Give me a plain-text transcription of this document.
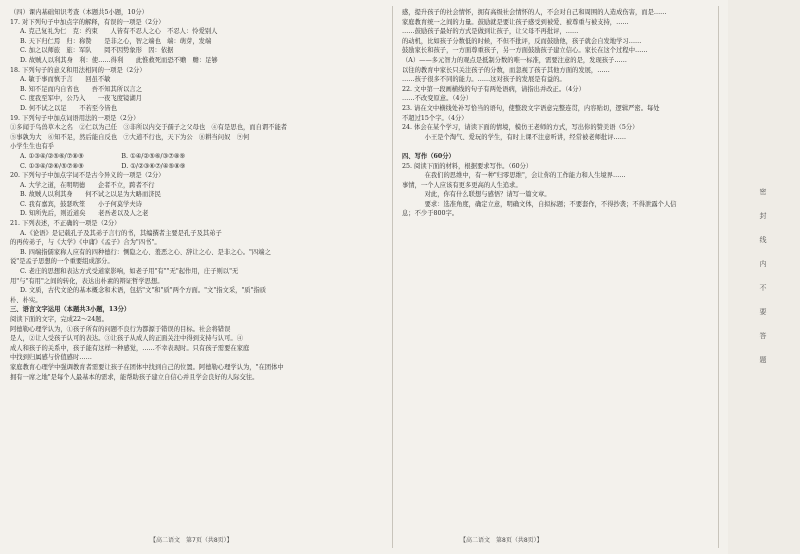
（四）课内基础知识考查（本题共5小题，10分）
17. 对下列句子中加点字的解释，有误的一项是（2分）
A. 克己复礼为仁　克：约束　　人皆有不忍人之心　不忍人：怜爱别人
B. 天下归仁焉　归：称赞　　是非之心，智之端也　端：萌芽，发端
C. 加之以师旅　旅：军队　　罔不因势象形　因：依据
D. 故贼人以利其身　利：使……得利　　此惟救死而恐不赡　赡：足够
18. 下列句子的意义和用法相同的一项是（2分）
A. 敏于事而慎于言　　回虽不敏
B. 知不足而内自省也　　吾不知其所以言之
C. 度我至军中，公乃入　　一夜飞度镜湖月
D. 何不试之以足　　不若至今皆也
19. 下列句子中加点词语用法的一项是（2分）
①多闻于鸟兽草木之名　②仁以为己任　③非所以内交于孺子之父母也　④有是思也，而自谓不能者
⑤事孰为大　⑥知不足，然后能自反也　⑦大道不行也，天下为公　⑧耕当问奴　⑨何
小学生生也有乎
A. ①③④/②⑤⑥/⑦⑧⑨　　　　　　B. ①④/②⑤⑥/③⑦⑧⑨
C. ①③④/②⑥/⑤⑦⑧⑨　　　　　　D. ①/②③⑥⑦/④⑤⑧⑨
20. 下列句子中加点字词不是古今异义的一项是（2分）
A. 大学之道，在明明德　　企者不立，跨者不行
B. 故贼人以利其身　　何不试之以足为大略而济民
C. 我有嘉宾，鼓瑟吹笙　　小子何莫学夫诗
D. 知所先后，则近道矣　　老吾老以及人之老
21. 下列表述，不正确的一项是（2分）
A.《论语》是记载孔子及其弟子言行的书，其编撰者主要是孔子及其弟子
的再传弟子，与《大学》《中庸》《孟子》合为"四书"。
B. 四端指儒家称人应有的四种德行：恻隐之心、羞恶之心、辞让之心、是非之心。"四端之
说"是孟子思想的一个重要组成部分。
C. 老庄的思想和表达方式受道家影响，如老子用"有""无"起作用，庄子则以"无
用"与"有用"之间的转化，表达出朴素的辩证哲学思想。
D. 文质，古代文论的基本概念和术语，包括"文"和"质"两个方面。"文"指文采，"质"指质
朴、朴实。
三、语言文字运用（本题共3小题，13分）
阅读下面的文字，完成22～24题。
阿德勒心理学认为，①孩子所有的问题不良行为都源于错误的目标。社会将错误
是人，②让人受孩子认可的表达。③让孩子从成人的正面关注中得到支持与认可。④
成人和孩子的关系中，孩子能有这样一种感觉，……不幸表现时。只有孩子需要在家庭
中找到归属感与价值感时……
家庭教育心理学中强调教育者需要让孩子在团体中找到自己的位置。阿德勒心理学认为，"在团体中
拥有一席之地"是每个人最基本的需求，能帮助孩子建立自信心并且学会良好的人际交往。
感，提升孩子的社会情怀，拥有高级社会情怀的人，不会对自己和周围的人造成伤害，而是……
家庭教育统一之间的力量。鼓励就是要让孩子感受到被爱、被尊重与被支持，……
……鼓励孩子最好的方式是做到让孩子，让父母不再批评，……
的动机，比如孩子分数低的时候，不但不批评，反而鼓励他，孩子就会自发地学习……
鼓励家长和孩子，一方面尊重孩子，另一方面鼓励孩子建立信心。家长在这个过程中……
（A）——多元智力的观点是抵制分数的唯一标准，需要注意的是，发现孩子……
以往的教育中家长只关注孩子的分数，而忽视了孩子其他方面的发展，……
……孩子很多不同的能力。……这对孩子的发展是有益的。
22. 文中第一段画横线的句子有两处语病，请指出并改正。（4分）
……不改变原意。（4分）
23. 请在文中横线处补写恰当的语句，使整段文字语意完整连贯，内容贴切，逻辑严密。每处
不超过15个字。（4分）
24. 体会在某个学习，请读下面的情境，模仿王老师的方式，写出你的赞美语（5分）
　　小王是个淘气、爱玩的学生，有时上课不注意听讲，经常被老师批评……
四、写作（60分）
25. 阅读下面的材料，根据要求写作。（60分）
　　在我们的思维中，有一种"归零思维"，会让你的工作能力和人生境界……
事情，一个人应该有更多更高的人生追求。
　　对此，你有什么联想与感悟？请写一篇文章。
　　要求：选准角度，确定立意，明确文体，自拟标题；不要套作，不得抄袭；不得泄露个人信
息；不少于800字。
【高二语文　第7页（共8页）】	【高二语文　第8页（共8页）】
密封线内不要答题
